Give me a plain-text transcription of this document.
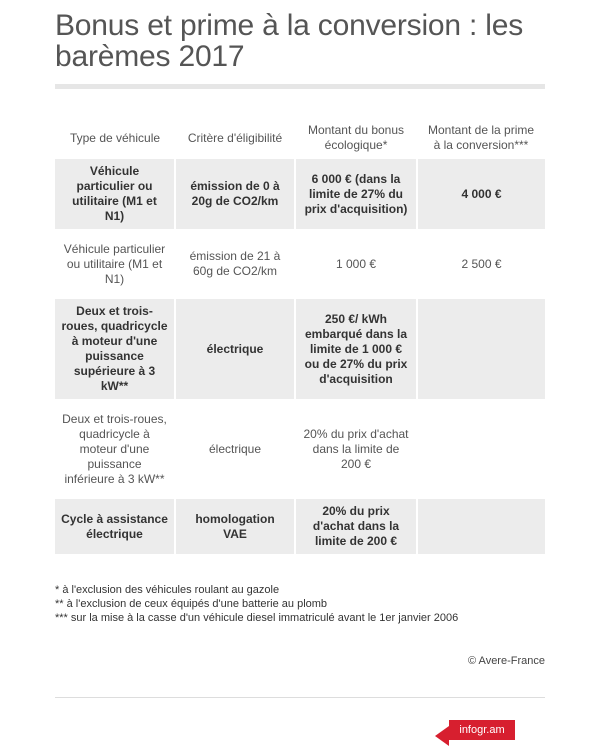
Bonus et prime à la conversion : les barèmes 2017
Type de véhicule	Critère d'éligibilité	Montant du bonus écologique*	Montant de la prime à la conversion***
Véhicule particulier ou utilitaire (M1 et N1)	émission de 0 à 20g de CO2/km	6 000 € (dans la limite de 27% du prix d'acquisition)	4 000 €
Véhicule particulier ou utilitaire (M1 et N1)	émission de 21 à 60g de CO2/km	1 000 €	2 500 €
Deux et trois-roues, quadricycle à moteur d'une puissance supérieure à 3 kW**	électrique	250 €/ kWh embarqué dans la limite de 1 000 € ou de 27% du prix d'acquisition	
Deux et trois-roues, quadricycle à moteur d'une puissance inférieure à 3 kW**	électrique	20% du prix d'achat dans la limite de 200 €	
Cycle à assistance électrique	homologation VAE	20% du prix d'achat dans la limite de 200 €	
* à l'exclusion des véhicules roulant au gazole
** à l'exclusion de ceux équipés d'une batterie au plomb
*** sur la mise à la casse d'un véhicule diesel immatriculé avant le 1er janvier 2006
© Avere-France
infogr.am
